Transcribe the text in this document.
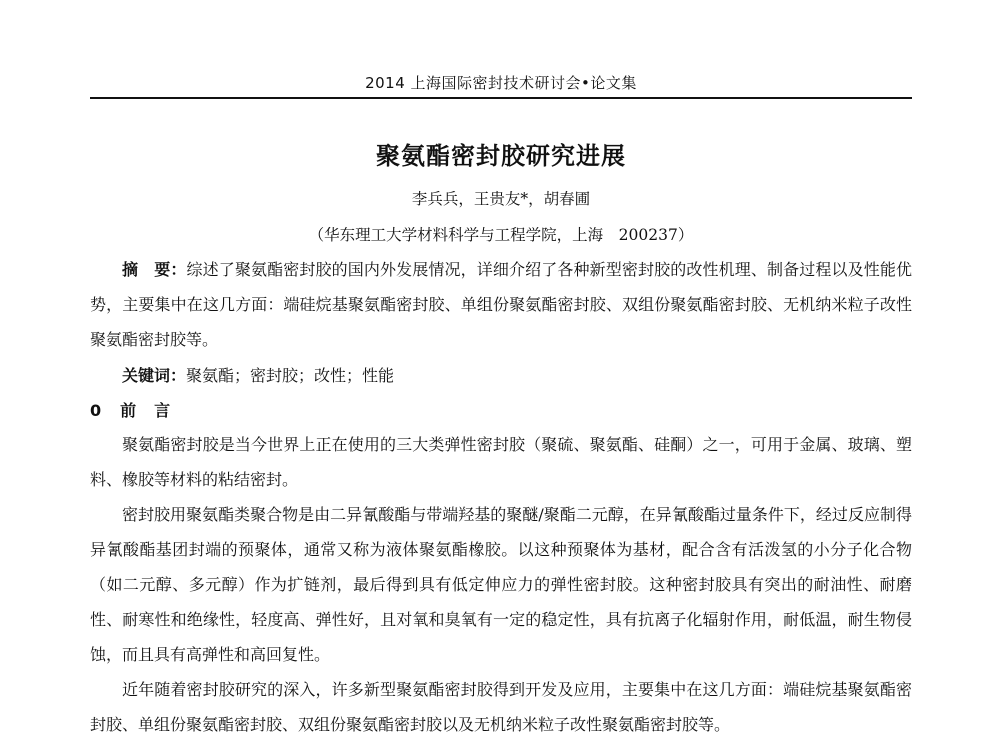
2014 上海国际密封技术研讨会•论文集
聚氨酯密封胶研究进展
李兵兵，王贵友*，胡春圃
（华东理工大学材料科学与工程学院，上海　200237）

摘　要：综述了聚氨酯密封胶的国内外发展情况，详细介绍了各种新型密封胶的改性机理、制备过程以及性能优势，主要集中在这几方面：端硅烷基聚氨酯密封胶、单组份聚氨酯密封胶、双组份聚氨酯密封胶、无机纳米粒子改性聚氨酯密封胶等。

关键词：聚氨酯；密封胶；改性；性能

0 前　言

聚氨酯密封胶是当今世界上正在使用的三大类弹性密封胶（聚硫、聚氨酯、硅酮）之一，可用于金属、玻璃、塑料、橡胶等材料的粘结密封。

密封胶用聚氨酯类聚合物是由二异氰酸酯与带端羟基的聚醚/聚酯二元醇，在异氰酸酯过量条件下，经过反应制得异氰酸酯基团封端的预聚体，通常又称为液体聚氨酯橡胶。以这种预聚体为基材，配合含有活泼氢的小分子化合物（如二元醇、多元醇）作为扩链剂，最后得到具有低定伸应力的弹性密封胶。这种密封胶具有突出的耐油性、耐磨性、耐寒性和绝缘性，轻度高、弹性好，且对氧和臭氧有一定的稳定性，具有抗离子化辐射作用，耐低温，耐生物侵蚀，而且具有高弹性和高回复性。

近年随着密封胶研究的深入，许多新型聚氨酯密封胶得到开发及应用，主要集中在这几方面：端硅烷基聚氨酯密封胶、单组份聚氨酯密封胶、双组份聚氨酯密封胶以及无机纳米粒子改性聚氨酯密封胶等。
